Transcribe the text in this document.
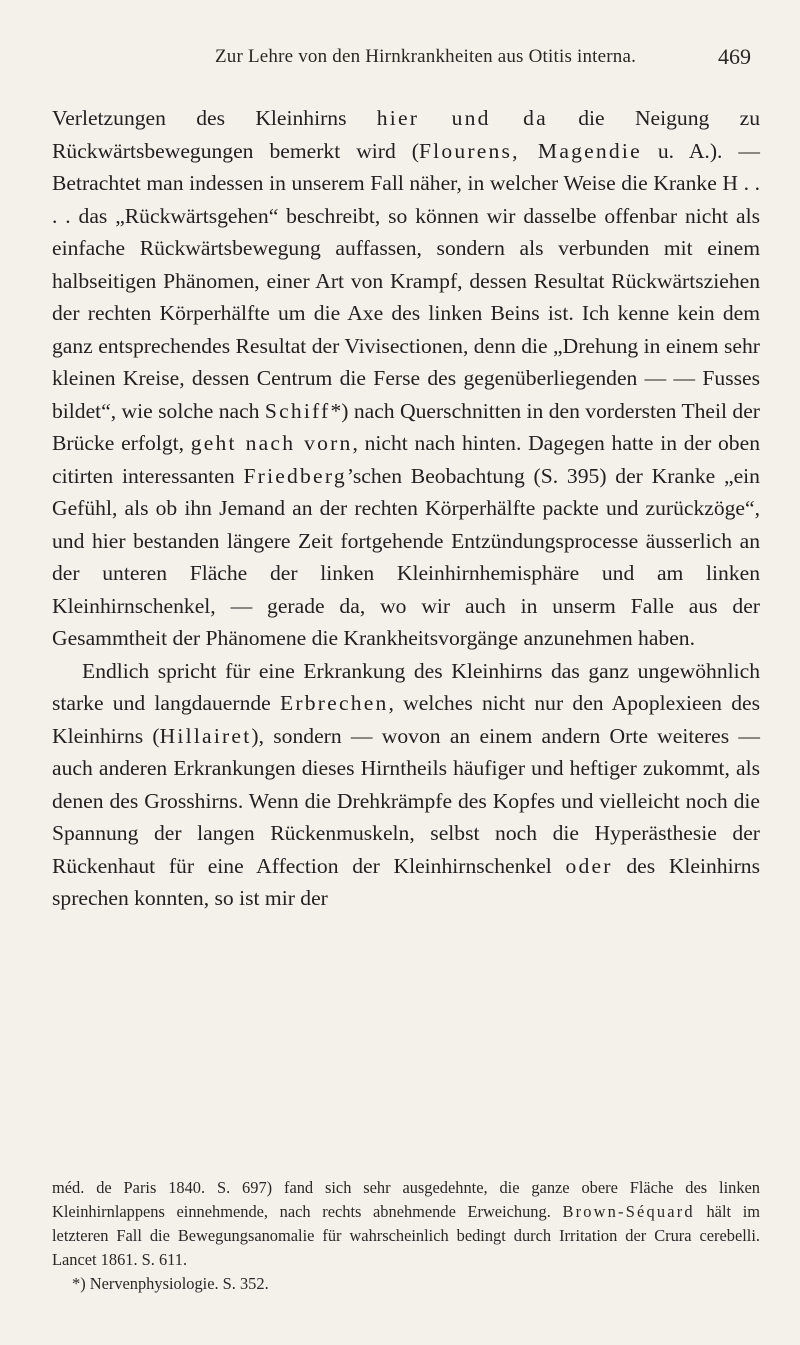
Zur Lehre von den Hirnkrankheiten aus Otitis interna.	469

Verletzungen des Kleinhirns hier und da die Neigung zu Rückwärtsbewegungen bemerkt wird (Flourens, Magendie u. A.). — Betrachtet man indessen in unserem Fall näher, in welcher Weise die Kranke H . . . . das „Rückwärtsgehen“ beschreibt, so können wir dasselbe offenbar nicht als einfache Rückwärtsbewegung auffassen, sondern als verbunden mit einem halbseitigen Phänomen, einer Art von Krampf, dessen Resultat Rückwärtsziehen der rechten Körperhälfte um die Axe des linken Beins ist. Ich kenne kein dem ganz entsprechendes Resultat der Vivisectionen, denn die „Drehung in einem sehr kleinen Kreise, dessen Centrum die Ferse des gegenüberliegenden — — Fusses bildet“, wie solche nach Schiff*) nach Querschnitten in den vordersten Theil der Brücke erfolgt, geht nach vorn, nicht nach hinten. Dagegen hatte in der oben citirten interessanten Friedberg’schen Beobachtung (S. 395) der Kranke „ein Gefühl, als ob ihn Jemand an der rechten Körperhälfte packte und zurückzöge“, und hier bestanden längere Zeit fortgehende Entzündungsprocesse äusserlich an der unteren Fläche der linken Kleinhirnhemisphäre und am linken Kleinhirnschenkel, — gerade da, wo wir auch in unserm Falle aus der Gesammtheit der Phänomene die Krankheitsvorgänge anzunehmen haben.

Endlich spricht für eine Erkrankung des Kleinhirns das ganz ungewöhnlich starke und langdauernde Erbrechen, welches nicht nur den Apoplexieen des Kleinhirns (Hillairet), sondern — wovon an einem andern Orte weiteres — auch anderen Erkrankungen dieses Hirntheils häufiger und heftiger zukommt, als denen des Grosshirns. Wenn die Drehkrämpfe des Kopfes und vielleicht noch die Spannung der langen Rückenmuskeln, selbst noch die Hyperästhesie der Rückenhaut für eine Affection der Kleinhirnschenkel oder des Kleinhirns sprechen konnten, so ist mir der

méd. de Paris 1840. S. 697) fand sich sehr ausgedehnte, die ganze obere Fläche des linken Kleinhirnlappens einnehmende, nach rechts abnehmende Erweichung. Brown-Séquard hält im letzteren Fall die Bewegungsanomalie für wahrscheinlich bedingt durch Irritation der Crura cerebelli. Lancet 1861. S. 611.

*) Nervenphysiologie. S. 352.
